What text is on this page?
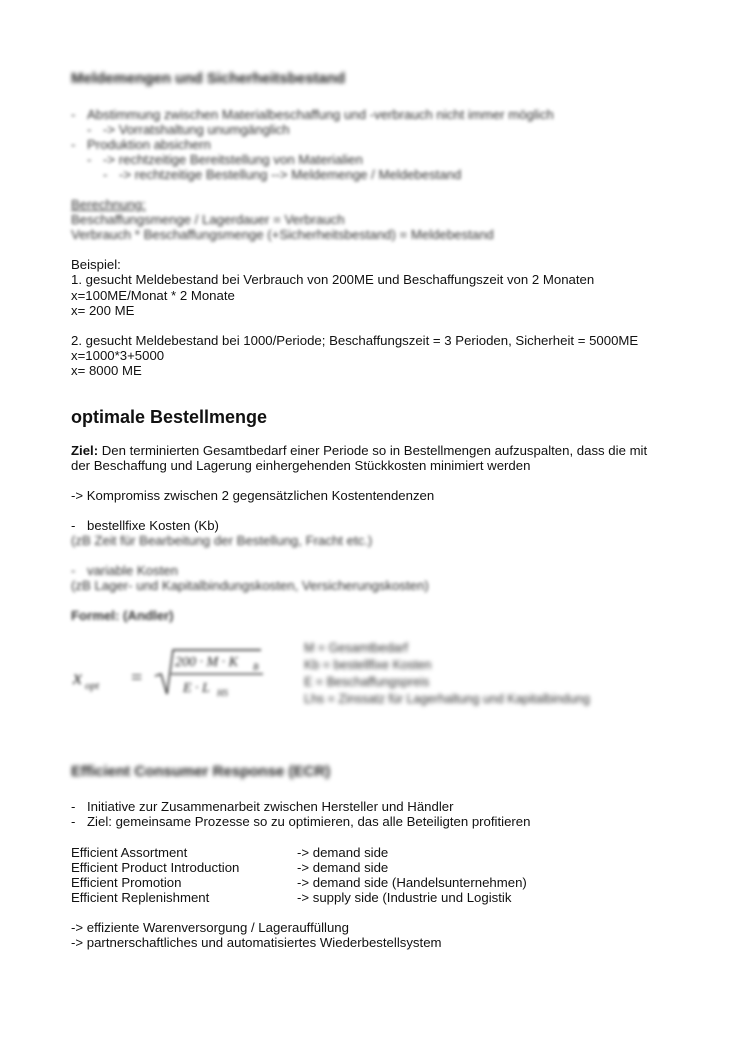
Meldemengen und Sicherheitsbestand
- Abstimmung zwischen Materialbeschaffung und -verbrauch nicht immer möglich
- -> Vorratshaltung unumgänglich
- Produktion absichern
- -> rechtzeitige Bereitstellung von Materialien
- -> rechtzeitige Bestellung --> Meldemenge / Meldebestand
Berechnung:
Beschaffungsmenge / Lagerdauer = Verbrauch
Verbrauch * Beschaffungsmenge (+Sicherheitsbestand) = Meldebestand
Beispiel:
1. gesucht Meldebestand bei Verbrauch von 200ME und Beschaffungszeit von 2 Monaten
x=100ME/Monat * 2 Monate
x= 200 ME
2. gesucht Meldebestand bei 1000/Periode; Beschaffungszeit = 3 Perioden, Sicherheit = 5000ME
x=1000*3+5000
x= 8000 ME
optimale Bestellmenge
Ziel: Den terminierten Gesamtbedarf einer Periode so in Bestellmengen aufzuspalten, dass die mit
der Beschaffung und Lagerung einhergehenden Stückkosten minimiert werden
-> Kompromiss zwischen 2 gegensätzlichen Kostentendenzen
- bestellfixe Kosten (Kb)
(zB Zeit für Bearbeitung der Bestellung, Fracht etc.)
- variable Kosten
(zB Lager- und Kapitalbindungskosten, Versicherungskosten)
Formel: (Andler)
x opt =
200 · M · K B
E · L HS
M = Gesamtbedarf
Kb = bestellfixe Kosten
E = Beschaffungspreis
Lhs = Zinssatz für Lagerhaltung und Kapitalbindung
Efficient Consumer Response (ECR)
- Initiative zur Zusammenarbeit zwischen Hersteller und Händler
- Ziel: gemeinsame Prozesse so zu optimieren, das alle Beteiligten profitieren
Efficient Assortment	-> demand side
Efficient Product Introduction	-> demand side
Efficient Promotion	-> demand side (Handelsunternehmen)
Efficient Replenishment	-> supply side (Industrie und Logistik
-> effiziente Warenversorgung / Lagerauffüllung
-> partnerschaftliches und automatisiertes Wiederbestellsystem
